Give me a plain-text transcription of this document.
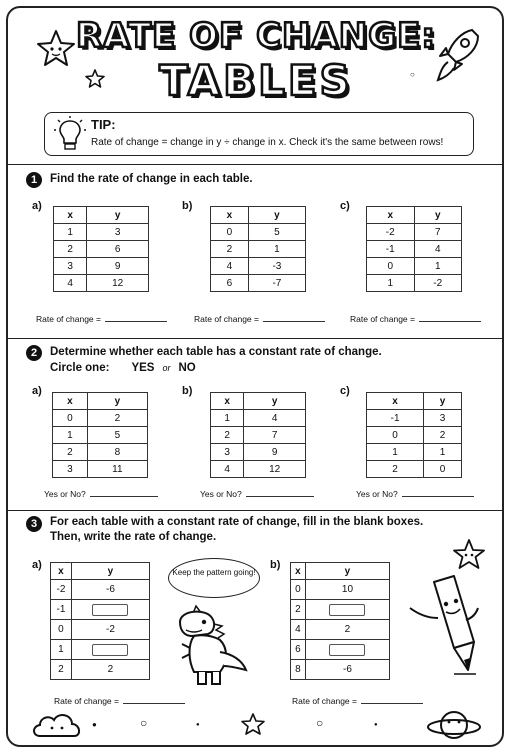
RATE OF CHANGE:
TABLES	○
TIP:
Rate of change = change in y ÷ change in x. Check it's the same between rows!
1	Find the rate of change in each table.
a)
x	y
1	3
2	6
3	9
4	12
b)
x	y
0	5
2	1
4	-3
6	-7
c)
x	y
-2	7
-1	4
0	1
1	-2
Rate of change =	Rate of change =	Rate of change =
2	Determine whether each table has a constant rate of change.
Circle one: YES or NO
a)
x	y
0	2
1	5
2	8
3	11
b)
x	y
1	4
2	7
3	9
4	12
c)
x	y
-1	3
0	2
1	1
2	0
Yes or No?	Yes or No?	Yes or No?
3	For each table with a constant rate of change, fill in the blank boxes.
Then, write the rate of change.
a) x	y
-2	-6
-1	
0	-2
1	
2	2
Keep the pattern going!
b) x	y
0	10
2	
4	2
6	
8	-6
Rate of change =	Rate of change =
●	○	●	○	●
